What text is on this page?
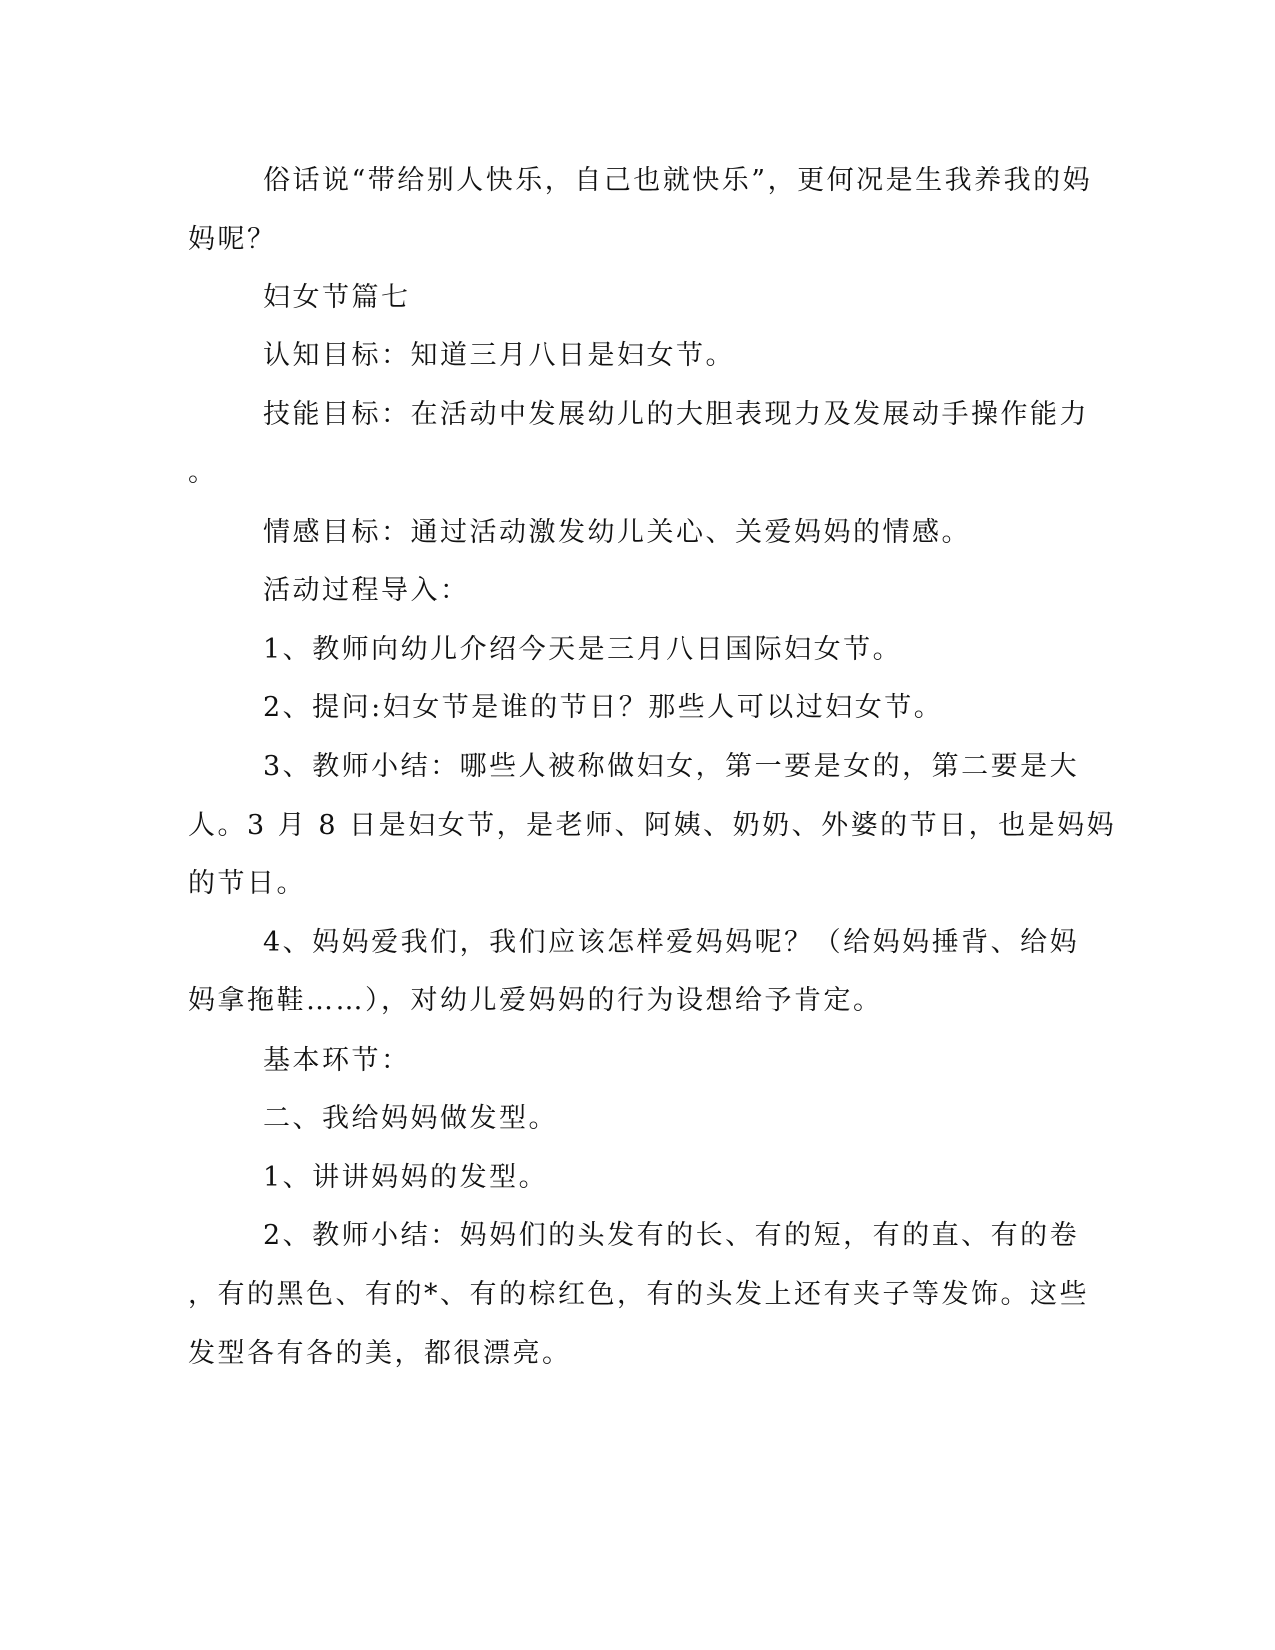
俗话说“带给别人快乐，自己也就快乐”，更何况是生我养我的妈
妈呢？
妇女节篇七
认知目标：知道三月八日是妇女节。
技能目标：在活动中发展幼儿的大胆表现力及发展动手操作能力
。
情感目标：通过活动激发幼儿关心、关爱妈妈的情感。
活动过程导入：
1、教师向幼儿介绍今天是三月八日国际妇女节。
2、提问:妇女节是谁的节日？那些人可以过妇女节。
3、教师小结：哪些人被称做妇女，第一要是女的，第二要是大
人。3 月 8 日是妇女节，是老师、阿姨、奶奶、外婆的节日，也是妈妈
的节日。
4、妈妈爱我们，我们应该怎样爱妈妈呢？（给妈妈捶背、给妈
妈拿拖鞋……），对幼儿爱妈妈的行为设想给予肯定。
基本环节：
二、我给妈妈做发型。
1、讲讲妈妈的发型。
2、教师小结：妈妈们的头发有的长、有的短，有的直、有的卷
，有的黑色、有的*、有的棕红色，有的头发上还有夹子等发饰。这些
发型各有各的美，都很漂亮。
